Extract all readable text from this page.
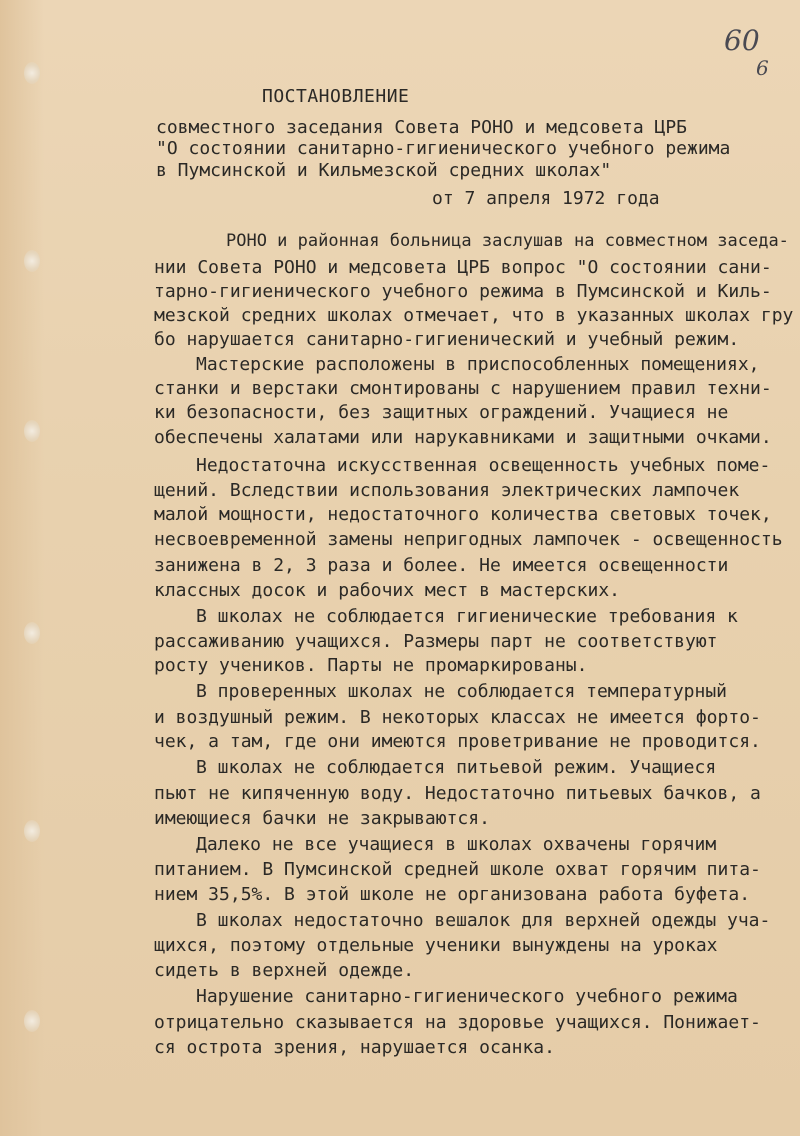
60
6
ПОСТАНОВЛЕНИЕ
совместного заседания Совета РОНО и медсовета ЦРБ
"О состоянии санитарно-гигиенического учебного режима
в Пумсинской и Кильмезской средних школах"
от 7 апреля 1972 года
РОНО и районная больница заслушав на совместном заседа-
нии Совета РОНО и медсовета ЦРБ вопрос "О состоянии сани-
тарно-гигиенического учебного режима в Пумсинской и Киль-
мезской средних школах отмечает, что в указанных школах гру
бо нарушается санитарно-гигиенический и учебный режим.
Мастерские расположены в приспособленных помещениях,
станки и верстаки смонтированы с нарушением правил техни-
ки безопасности, без защитных ограждений. Учащиеся не
обеспечены халатами или нарукавниками и защитными очками.
Недостаточна искусственная освещенность учебных поме-
щений. Вследствии использования электрических лампочек
малой мощности, недостаточного количества световых точек,
несвоевременной замены непригодных лампочек - освещенность
занижена в 2, 3 раза и более. Не имеется освещенности
классных досок и рабочих мест в мастерских.
В школах не соблюдается гигиенические требования к
рассаживанию учащихся. Размеры парт не соответствуют
росту учеников. Парты не промаркированы.
В проверенных школах не соблюдается температурный
и воздушный режим. В некоторых классах не имеется форто-
чек, а там, где они имеются проветривание не проводится.
В школах не соблюдается питьевой режим. Учащиеся
пьют не кипяченную воду. Недостаточно питьевых бачков, а
имеющиеся бачки не закрываются.
Далеко не все учащиеся в школах охвачены горячим
питанием. В Пумсинской средней школе охват горячим пита-
нием 35,5%. В этой школе не организована работа буфета.
В школах недостаточно вешалок для верхней одежды уча-
щихся, поэтому отдельные ученики вынуждены на уроках
сидеть в верхней одежде.
Нарушение санитарно-гигиенического учебного режима
отрицательно сказывается на здоровье учащихся. Понижает-
ся острота зрения, нарушается осанка.
